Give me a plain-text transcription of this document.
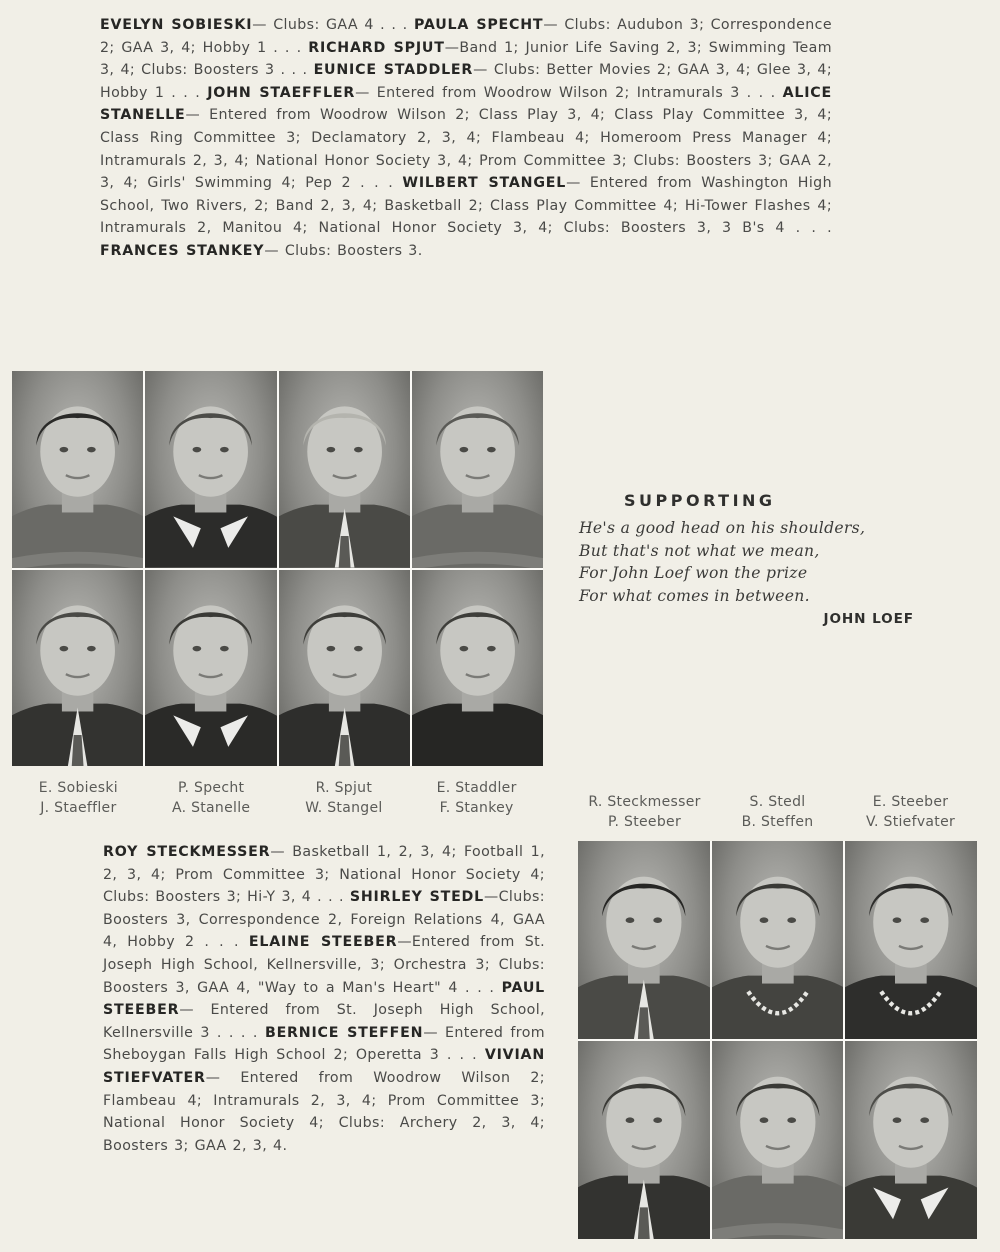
EVELYN SOBIESKI— Clubs: GAA 4 . . . PAULA SPECHT— Clubs: Audubon 3; Correspondence 2; GAA 3, 4; Hobby 1 . . . RICHARD SPJUT—Band 1; Junior Life Saving 2, 3; Swimming Team 3, 4; Clubs: Boosters 3 . . . EUNICE STADDLER— Clubs: Better Movies 2; GAA 3, 4; Glee 3, 4; Hobby 1 . . . JOHN STAEFFLER— Entered from Woodrow Wilson 2; Intramurals 3 . . . ALICE STANELLE— Entered from Woodrow Wilson 2; Class Play 3, 4; Class Play Committee 3, 4; Class Ring Committee 3; Declamatory 2, 3, 4; Flambeau 4; Homeroom Press Manager 4; Intramurals 2, 3, 4; National Honor Society 3, 4; Prom Committee 3; Clubs: Boosters 3; GAA 2, 3, 4; Girls' Swimming 4; Pep 2 . . . WILBERT STANGEL— Entered from Washington High School, Two Rivers, 2; Band 2, 3, 4; Basketball 2; Class Play Committee 4; Hi-Tower Flashes 4; Intramurals 2, Manitou 4; National Honor Society 3, 4; Clubs: Boosters 3, 3 B's 4 . . . FRANCES STANKEY— Clubs: Boosters 3.
E. Sobieski
J. Staeffler
P. Specht
A. Stanelle
R. Spjut
W. Stangel
E. Staddler
F. Stankey
SUPPORTING
He's a good head on his shoulders,
But that's not what we mean,
For John Loef won the prize
For what comes in between.
JOHN LOEF
R. Steckmesser
P. Steeber
S. Stedl
B. Steffen
E. Steeber
V. Stiefvater
ROY STECKMESSER— Basketball 1, 2, 3, 4; Football 1, 2, 3, 4; Prom Committee 3; National Honor Society 4; Clubs: Boosters 3; Hi-Y 3, 4 . . . SHIRLEY STEDL—Clubs: Boosters 3, Correspondence 2, Foreign Relations 4, GAA 4, Hobby 2 . . . ELAINE STEEBER—Entered from St. Joseph High School, Kellnersville, 3; Orchestra 3; Clubs: Boosters 3, GAA 4, "Way to a Man's Heart" 4 . . . PAUL STEEBER— Entered from St. Joseph High School, Kellnersville 3 . . . . BERNICE STEFFEN— Entered from Sheboygan Falls High School 2; Operetta 3 . . . VIVIAN STIEFVATER— Entered from Woodrow Wilson 2; Flambeau 4; Intramurals 2, 3, 4; Prom Committee 3; National Honor Society 4; Clubs: Archery 2, 3, 4; Boosters 3; GAA 2, 3, 4.
